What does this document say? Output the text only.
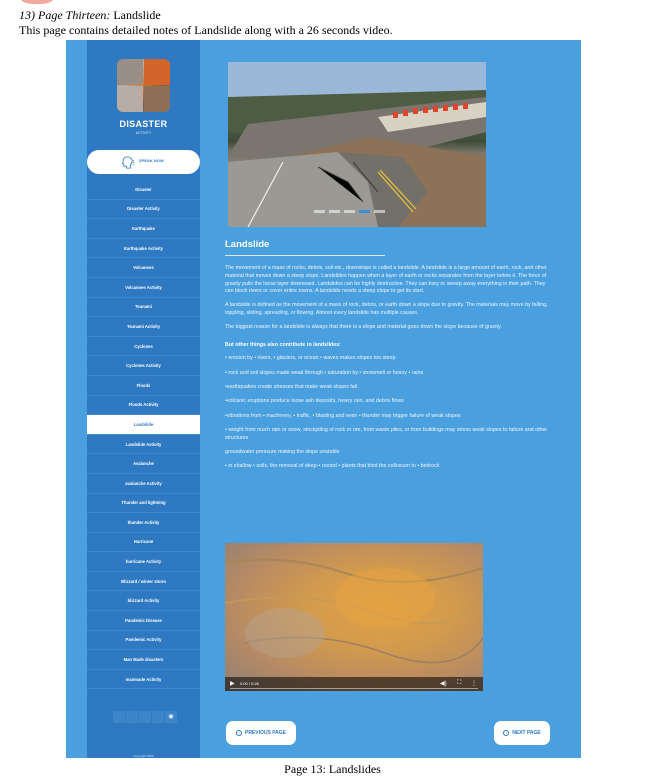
13) Page Thirteen: Landslide
This page contains detailed notes of Landslide along with a 26 seconds video.
DISASTER
ACTIVITY
SPEAK NOW
Disaster
Disaster Activity
Earthquake
Earthquake Activity
Volcanoes
Volcanoes Activity
Tsunami
Tsunami Activity
Cyclones
Cyclones Activity
Floods
Floods Activity
Landslide
Landslide Activity
Avalanche
avalanche Activity
Thunder and lightning
thunder Activity
Hurricane
hurricane Activity
Blizzard / winter storm
blizzard Activity
Pandemic Disease
Pandemic Activity
Man Made disasters
manmade Activity
◉
Copyright 2020
Landslide

The movement of a mass of rocks, debris, soil etc., downslope is called a landslide. A landslide is a large amount of earth, rock, and other material that moves down a steep slope. Landslides happen when a layer of earth or rocks separates from the layer below it. The force of gravity pulls the loose layer downward. Landslides can be highly destructive. They can bury or sweep away everything in their path. They can block rivers or cover entire towns. A landslide needs a steep slope to get its start.

A landslide is defined as the movement of a mass of rock, debris, or earth down a slope due to gravity. The materials may move by falling, toppling, sliding, spreading, or flowing. Almost every landslide has multiple causes.

The biggest reason for a landslide is always that there is a slope and material goes down the slope because of gravity.

But other things also contribute to landslides:
• erosion by • rivers, • glaciers, or ocean • waves makes slopes too steep
• rock and soil slopes made weak through • saturation by • snowmelt or heavy • rains
•earthquakes create stresses that make weak slopes fail
•volcanic eruptions produce loose ash deposits, heavy rain, and debris flows
•vibrations from • machinery, • traffic, • blasting and even • thunder may trigger failure of weak slopes
• weight from much rain or snow, stockpiling of rock or ore, from waste piles, or from buildings may stress weak slopes to failure and other structures
groundwater pressure making the slope unstable
• in shallow • soils, the removal of deep-• rooted • plants that bind the colluvium to • bedrock
▶ 0:00 / 0:26	◀) ⛶ ⋮
‹	PREVIOUS PAGE	›	NEXT PAGE
Page 13: Landslides
